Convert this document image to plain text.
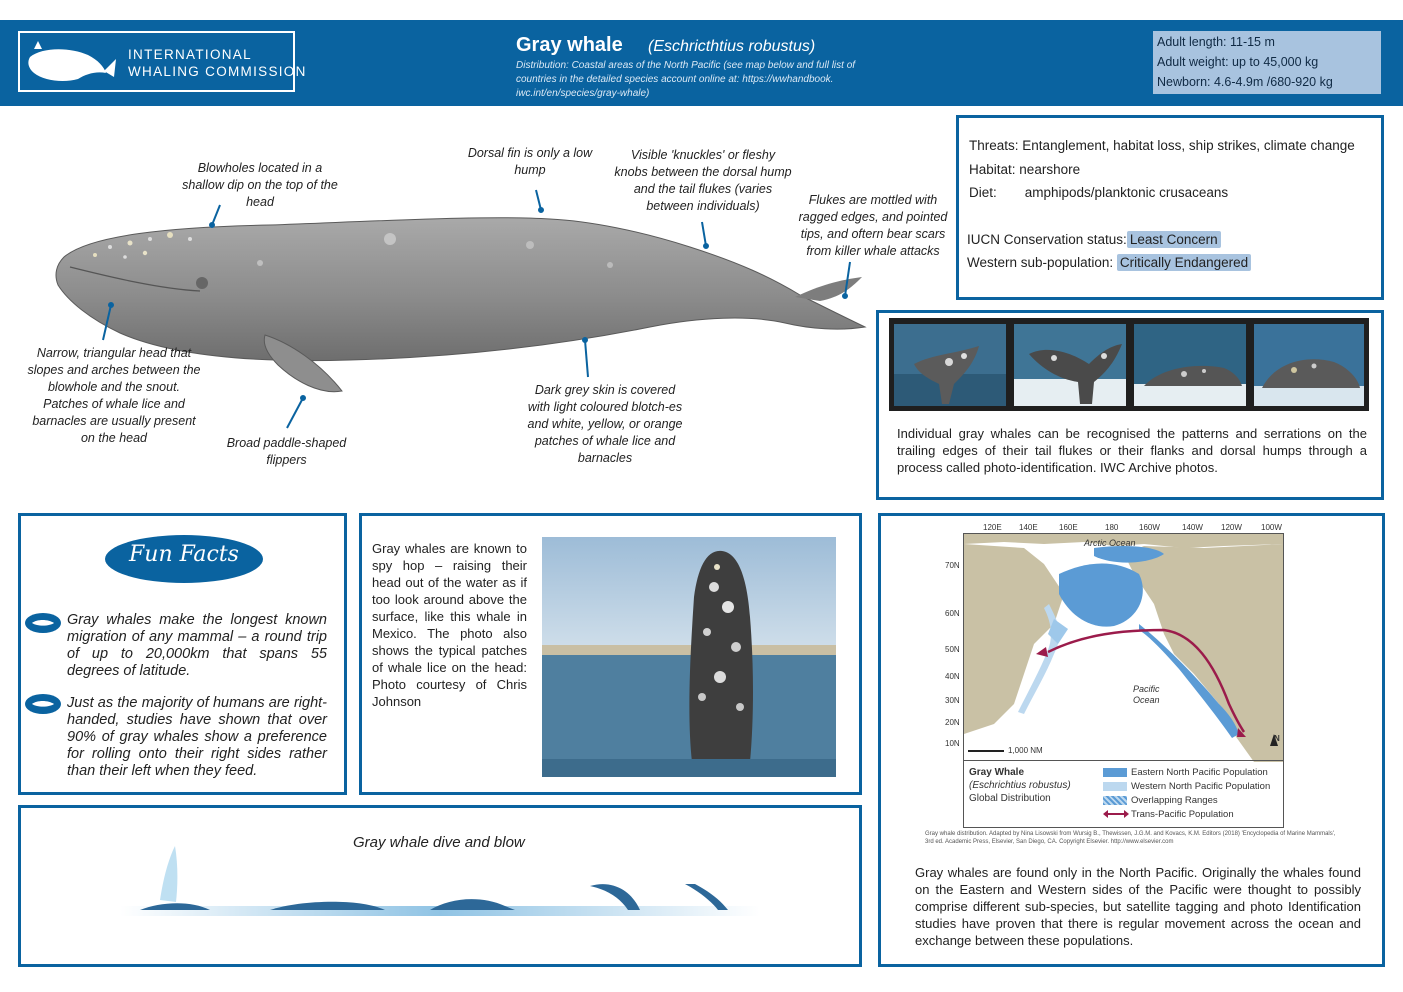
INTERNATIONAL
WHALING COMMISSION
Gray whale (Eschricthtius robustus)
Distribution: Coastal areas of the North Pacific (see map below and full list of countries in the detailed species account online at: https://wwhandbook. iwc.int/en/species/gray-whale)
Adult length: 11-15 m
Adult weight: up to 45,000 kg
Newborn: 4.6-4.9m /680-920 kg
Blowholes located in a shallow dip on the top of the head
Dorsal fin is only a low hump
Visible 'knuckles' or fleshy knobs between the dorsal hump and the tail flukes (varies between individuals)	Flukes are mottled with ragged edges, and pointed tips, and oftern bear scars from killer whale attacks
Narrow, triangular head that slopes and arches between the blowhole and the snout. Patches of whale lice and barnacles are usually present on the head	Broad paddle-shaped flippers
Dark grey skin is covered with light coloured blotch-es and white, yellow, or orange patches of whale lice and barnacles
Threats: Entanglement, habitat loss, ship strikes, climate change
Habitat: nearshore
Diet: amphipods/planktonic crusaceans
IUCN Conservation status: Least Concern
Western sub-population: Critically Endangered
Individual gray whales can be recognised the patterns and serrations on the trailing edges of their tail flukes or their flanks and dorsal humps through a process called photo-identification. IWC Archive photos.
Fun Facts
Gray whales make the longest known migration of any mammal – a round trip of up to 20,000km that spans 55 degrees of latitude.
Just as the majority of humans are right-handed, studies have shown that over 90% of gray whales show a preference for rolling onto their right sides rather than their left when they feed.
Gray whales are known to spy hop – raising their head out of the water as if too look around above the surface, like this whale in Mexico. The photo also shows the typical patches of whale lice on the head: Photo courtesy of Chris Johnson
Gray whale dive and blow
120E 140E	160E	180	160W	140W 120W 100W
70N
60N
50N
40N
30N
20N
10N
Arctic Ocean
Pacific
Ocean
1,000 NM
N
Gray Whale
(Eschrichtius robustus)
Global Distribution
Eastern North Pacific Population
Western North Pacific Population
Overlapping Ranges
Trans-Pacific Population
Gray whale distribution. Adapted by Nina Lisowski from Wursig B., Thewissen, J.G.M. and Kovacs, K.M. Editors (2018) 'Encyclopedia of Marine Mammals', 3rd ed. Academic Press, Elsevier, San Diego, CA. Copyright Elsevier. http://www.elsevier.com
Gray whales are found only in the North Pacific. Originally the whales found on the Eastern and Western sides of the Pacific were thought to possibly comprise different sub-species, but satellite tagging and photo Identification studies have proven that there is regular movement across the ocean and exchange between these populations.
